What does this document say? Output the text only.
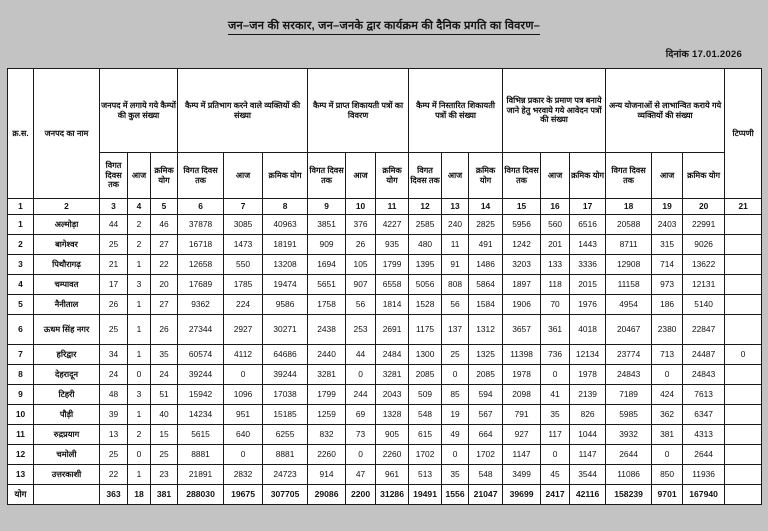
जन–जन की सरकार, जन–जनके द्वार कार्यक्रम की दैनिक प्रगति का विवरण–
दिनांक 17.01.2026
क्र.स.	जनपद का नाम	जनपद में लगाये गये कैम्पों की कुल संख्या			कैम्प में प्रतिभाग करने वाले व्यक्तियों की संख्या			कैम्प में प्राप्त शिकायती पत्रों का विवरण			कैम्प में निस्तारित शिकायती पत्रों की संख्या			विभिन्न प्रकार के प्रमाण पत्र बनाये जाने हेतु भरवाये गये आवेदन पत्रों की संख्या			अन्य योजनाओं से लाभान्वित कराये गये व्यक्तियों की संख्या			टिप्पणी
		विगत दिवस तक	आज	क्रमिक योग	विगत दिवस तक	आज	क्रमिक योग	विगत दिवस तक	आज	क्रमिक योग	विगत दिवस तक	आज	क्रमिक योग	विगत दिवस तक	आज	क्रमिक योग	विगत दिवस तक	आज	क्रमिक योग	
1	2	3	4	5	6	7	8	9	10	11	12	13	14	15	16	17	18	19	20	21
1	अल्मोड़ा	44	2	46	37878	3085	40963	3851	376	4227	2585	240	2825	5956	560	6516	20588	2403	22991	
2	बागेश्वर	25	2	27	16718	1473	18191	909	26	935	480	11	491	1242	201	1443	8711	315	9026	
3	पिथौरागढ़	21	1	22	12658	550	13208	1694	105	1799	1395	91	1486	3203	133	3336	12908	714	13622	
4	चम्पावत	17	3	20	17689	1785	19474	5651	907	6558	5056	808	5864	1897	118	2015	11158	973	12131	
5	नैनीताल	26	1	27	9362	224	9586	1758	56	1814	1528	56	1584	1906	70	1976	4954	186	5140	
6	ऊधम सिंह नगर	25	1	26	27344	2927	30271	2438	253	2691	1175	137	1312	3657	361	4018	20467	2380	22847	
7	हरिद्वार	34	1	35	60574	4112	64686	2440	44	2484	1300	25	1325	11398	736	12134	23774	713	24487	0
8	देहरादून	24	0	24	39244	0	39244	3281	0	3281	2085	0	2085	1978	0	1978	24843	0	24843	
9	टिहरी	48	3	51	15942	1096	17038	1799	244	2043	509	85	594	2098	41	2139	7189	424	7613	
10	पौड़ी	39	1	40	14234	951	15185	1259	69	1328	548	19	567	791	35	826	5985	362	6347	
11	रुद्रप्रयाग	13	2	15	5615	640	6255	832	73	905	615	49	664	927	117	1044	3932	381	4313	
12	चमोली	25	0	25	8881	0	8881	2260	0	2260	1702	0	1702	1147	0	1147	2644	0	2644	
13	उत्तरकाशी	22	1	23	21891	2832	24723	914	47	961	513	35	548	3499	45	3544	11086	850	11936	
योग		363	18	381	288030	19675	307705	29086	2200	31286	19491	1556	21047	39699	2417	42116	158239	9701	167940	
